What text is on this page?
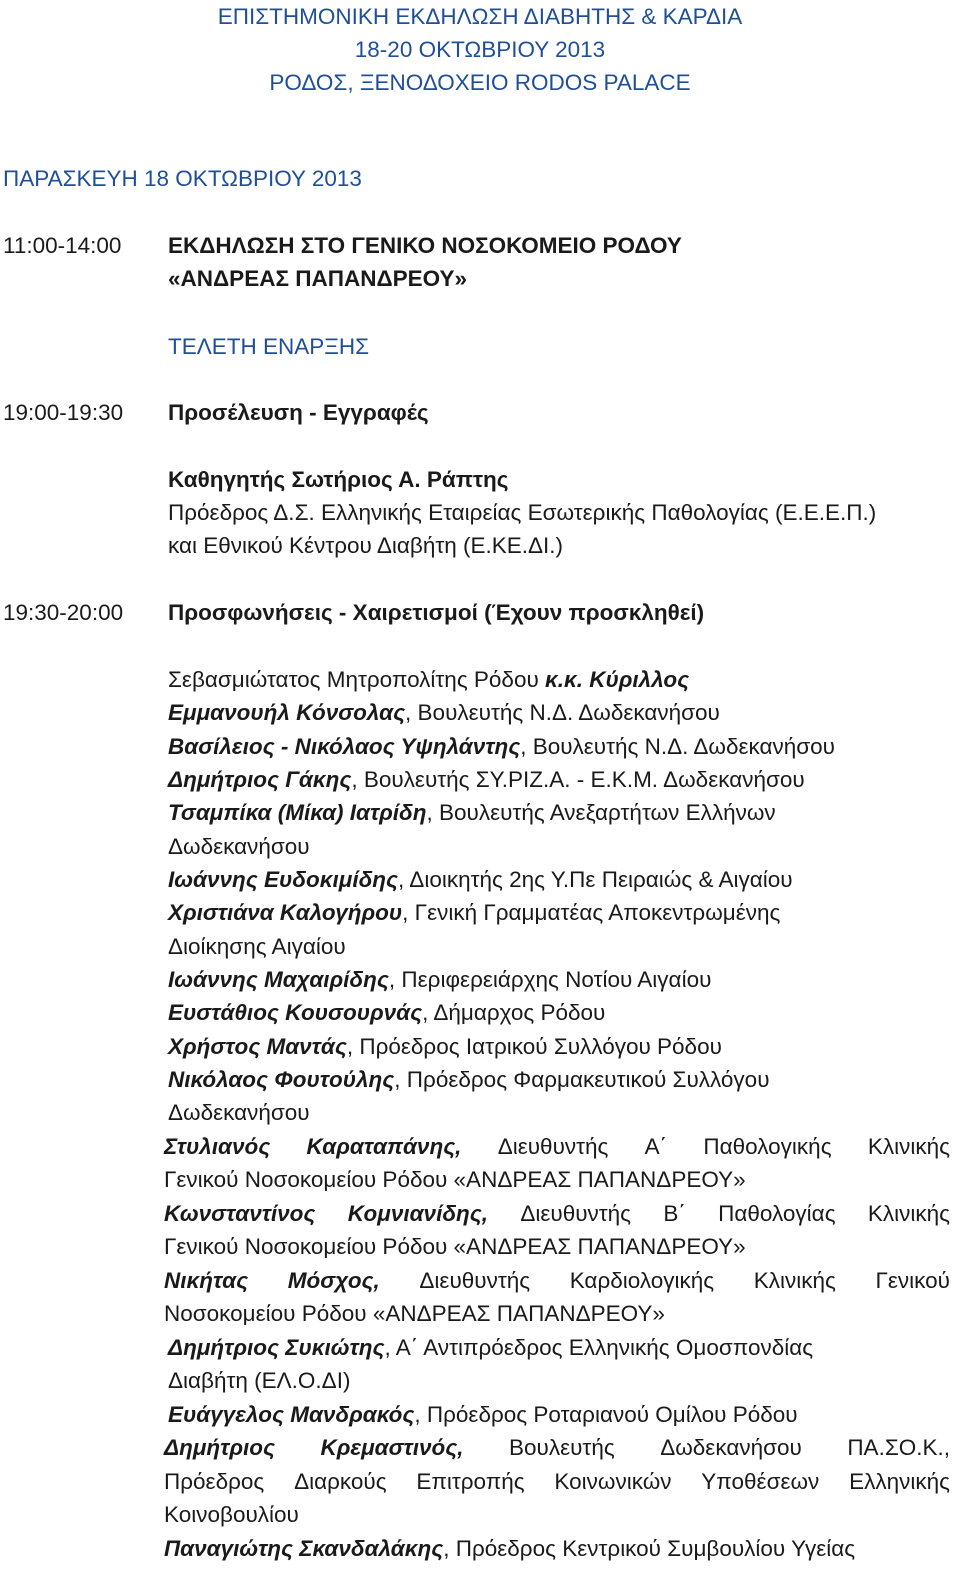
ΕΠΙΣΤΗΜΟΝΙΚΗ ΕΚΔΗΛΩΣΗ ΔΙΑΒΗΤΗΣ & ΚΑΡΔΙΑ
18-20 ΟΚΤΩΒΡΙΟΥ 2013
ΡΟΔΟΣ, ΞΕΝΟΔΟΧΕΙΟ RODOS PALACE
ΠΑΡΑΣΚΕΥΗ 18 ΟΚΤΩΒΡΙΟΥ 2013
11:00-14:00 ΕΚΔΗΛΩΣΗ ΣΤΟ ΓΕΝΙΚΟ ΝΟΣΟΚΟΜΕΙΟ ΡΟΔΟΥ
«ΑΝΔΡΕΑΣ ΠΑΠΑΝΔΡΕΟΥ»
ΤΕΛΕΤΗ ΕΝΑΡΞΗΣ
19:00-19:30 Προσέλευση - Εγγραφές
Καθηγητής Σωτήριος Α. Ράπτης
Πρόεδρος Δ.Σ. Ελληνικής Εταιρείας Εσωτερικής Παθολογίας (Ε.Ε.Ε.Π.)
και Εθνικού Κέντρου Διαβήτη (Ε.ΚΕ.ΔΙ.)
19:30-20:00 Προσφωνήσεις - Χαιρετισμοί (Έχουν προσκληθεί)
Σεβασμιώτατος Μητροπολίτης Ρόδου κ.κ. Κύριλλος
Εμμανουήλ Κόνσολας, Βουλευτής Ν.Δ. Δωδεκανήσου
Βασίλειος - Νικόλαος Υψηλάντης, Βουλευτής Ν.Δ. Δωδεκανήσου
Δημήτριος Γάκης, Βουλευτής ΣΥ.ΡΙΖ.Α. - Ε.Κ.Μ. Δωδεκανήσου
Τσαμπίκα (Μίκα) Ιατρίδη, Βουλευτής Ανεξαρτήτων Ελλήνων
Δωδεκανήσου
Ιωάννης Ευδοκιμίδης, Διοικητής 2ης Υ.Πε Πειραιώς & Αιγαίου
Χριστιάνα Καλογήρου, Γενική Γραμματέας Αποκεντρωμένης
Διοίκησης Αιγαίου
Ιωάννης Μαχαιρίδης, Περιφερειάρχης Νοτίου Αιγαίου
Ευστάθιος Κουσουρνάς, Δήμαρχος Ρόδου
Χρήστος Μαντάς, Πρόεδρος Ιατρικού Συλλόγου Ρόδου
Νικόλαος Φουτούλης, Πρόεδρος Φαρμακευτικού Συλλόγου
Δωδεκανήσου
Στυλιανός Καραταπάνης, Διευθυντής Α΄ Παθολογικής Κλινικής
Γενικού Νοσοκομείου Ρόδου «ΑΝΔΡΕΑΣ ΠΑΠΑΝΔΡΕΟΥ»
Κωνσταντίνος Κομνιανίδης, Διευθυντής Β΄ Παθολογίας Κλινικής
Γενικού Νοσοκομείου Ρόδου «ΑΝΔΡΕΑΣ ΠΑΠΑΝΔΡΕΟΥ»
Νικήτας Μόσχος, Διευθυντής Καρδιολογικής Κλινικής Γενικού
Νοσοκομείου Ρόδου «ΑΝΔΡΕΑΣ ΠΑΠΑΝΔΡΕΟΥ»
Δημήτριος Συκιώτης, Α΄ Αντιπρόεδρος Ελληνικής Ομοσπονδίας
Διαβήτη (ΕΛ.Ο.ΔΙ)
Ευάγγελος Μανδρακός, Πρόεδρος Ροταριανού Ομίλου Ρόδου
Δημήτριος Κρεμαστινός, Βουλευτής Δωδεκανήσου ΠΑ.ΣΟ.Κ.,
Πρόεδρος Διαρκούς Επιτροπής Κοινωνικών Υποθέσεων Ελληνικής
Κοινοβουλίου
Παναγιώτης Σκανδαλάκης, Πρόεδρος Κεντρικού Συμβουλίου Υγείας
